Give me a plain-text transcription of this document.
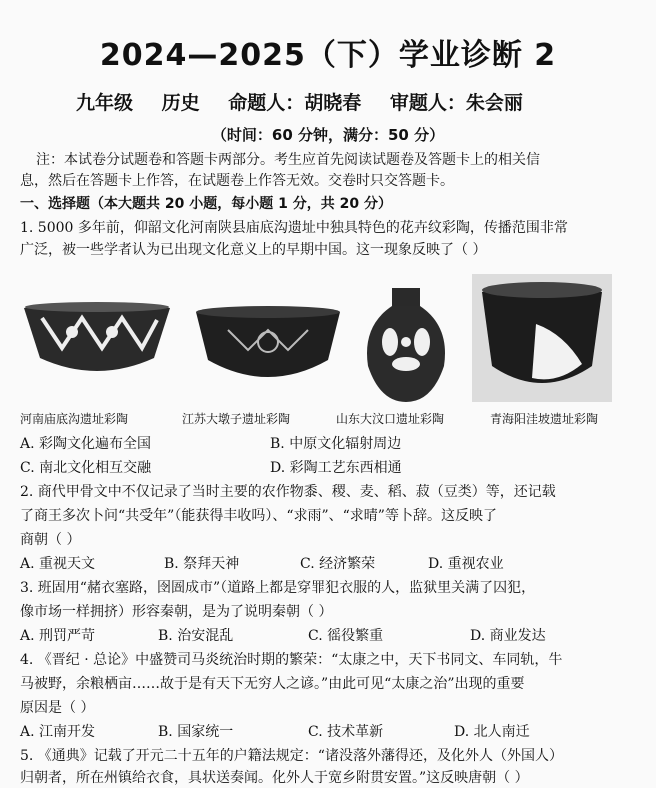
2024—2025（下）学业诊断 2
九年级 历史 命题人：胡晓春 审题人：朱会丽
（时间：60 分钟，满分：50 分）
注：本试卷分试题卷和答题卡两部分。考生应首先阅读试题卷及答题卡上的相关信
息，然后在答题卡上作答，在试题卷上作答无效。交卷时只交答题卡。
一、选择题（本大题共 20 小题，每小题 1 分，共 20 分）
1. 5000 多年前，仰韶文化河南陕县庙底沟遗址中独具特色的花卉纹彩陶，传播范围非常
广泛，被一些学者认为已出现文化意义上的早期中国。这一现象反映了（ ）
河南庙底沟遗址彩陶	江苏大墩子遗址彩陶	山东大汶口遗址彩陶	青海阳洼坡遗址彩陶
A. 彩陶文化遍布全国	B. 中原文化辐射周边
C. 南北文化相互交融	D. 彩陶工艺东西相通
2. 商代甲骨文中不仅记录了当时主要的农作物黍、稷、麦、稻、菽（豆类）等，还记载
了商王多次卜问“共受年”（能获得丰收吗）、“求雨”、“求晴”等卜辞。这反映了
商朝（ ）
A. 重视天文	B. 祭拜天神	C. 经济繁荣	D. 重视农业
3. 班固用“赭衣塞路，囹圄成市”（道路上都是穿罪犯衣服的人，监狱里关满了囚犯，
像市场一样拥挤）形容秦朝，是为了说明秦朝（ ）
A. 刑罚严苛	B. 治安混乱	C. 徭役繁重	D. 商业发达
4. 《晋纪 · 总论》中盛赞司马炎统治时期的繁荣：“太康之中，天下书同文、车同轨，牛
马被野，余粮栖亩……故于是有天下无穷人之谚。”由此可见“太康之治”出现的重要
原因是（ ）
A. 江南开发	B. 国家统一	C. 技术革新	D. 北人南迁
5. 《通典》记载了开元二十五年的户籍法规定：“诸没落外藩得还，及化外人（外国人）
归朝者，所在州镇给衣食，具状送奏闻。化外人于宽乡附贯安置。”这反映唐朝（ ）
